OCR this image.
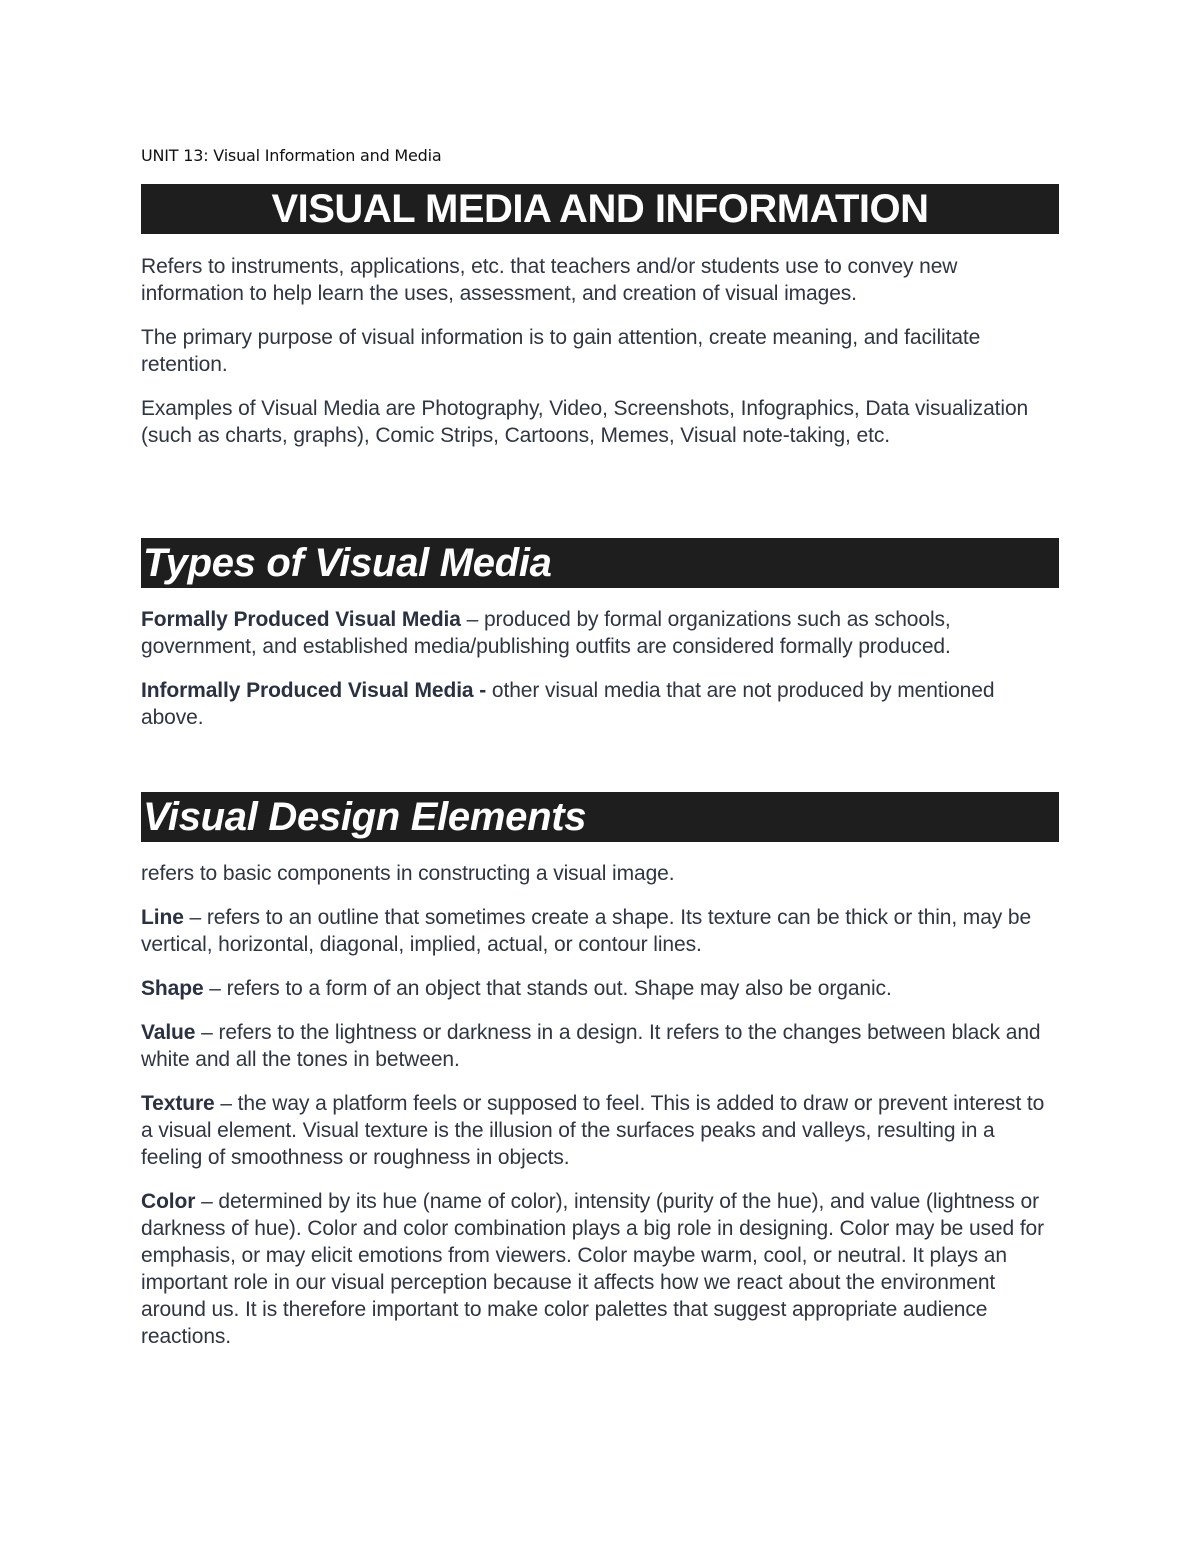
UNIT 13: Visual Information and Media
VISUAL MEDIA AND INFORMATION

Refers to instruments, applications, etc. that teachers and/or students use to convey new information to help learn the uses, assessment, and creation of visual images.

The primary purpose of visual information is to gain attention, create meaning, and facilitate retention.

Examples of Visual Media are Photography, Video, Screenshots, Infographics, Data visualization (such as charts, graphs), Comic Strips, Cartoons, Memes, Visual note-taking, etc.

Types of Visual Media

Formally Produced Visual Media – produced by formal organizations such as schools, government, and established media/publishing outfits are considered formally produced.

Informally Produced Visual Media - other visual media that are not produced by mentioned above.

Visual Design Elements

refers to basic components in constructing a visual image.

Line – refers to an outline that sometimes create a shape. Its texture can be thick or thin, may be vertical, horizontal, diagonal, implied, actual, or contour lines.

Shape – refers to a form of an object that stands out. Shape may also be organic.

Value – refers to the lightness or darkness in a design. It refers to the changes between black and white and all the tones in between.

Texture – the way a platform feels or supposed to feel. This is added to draw or prevent interest to a visual element. Visual texture is the illusion of the surfaces peaks and valleys, resulting in a feeling of smoothness or roughness in objects.

Color – determined by its hue (name of color), intensity (purity of the hue), and value (lightness or darkness of hue). Color and color combination plays a big role in designing. Color may be used for emphasis, or may elicit emotions from viewers. Color maybe warm, cool, or neutral. It plays an important role in our visual perception because it affects how we react about the environment around us. It is therefore important to make color palettes that suggest appropriate audience reactions.
